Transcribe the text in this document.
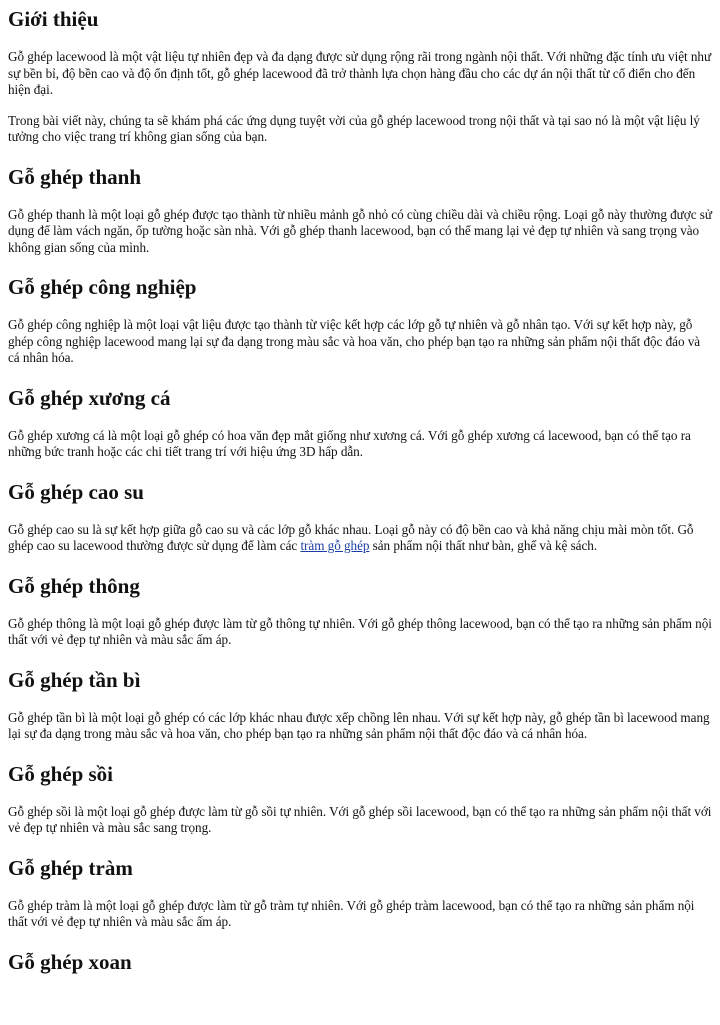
Giới thiệu

Gỗ ghép lacewood là một vật liệu tự nhiên đẹp và đa dạng được sử dụng rộng rãi trong ngành nội thất. Với những đặc tính ưu việt như sự bền bỉ, độ bền cao và độ ổn định tốt, gỗ ghép lacewood đã trở thành lựa chọn hàng đầu cho các dự án nội thất từ cổ điển cho đến hiện đại.

Trong bài viết này, chúng ta sẽ khám phá các ứng dụng tuyệt vời của gỗ ghép lacewood trong nội thất và tại sao nó là một vật liệu lý tưởng cho việc trang trí không gian sống của bạn.

Gỗ ghép thanh

Gỗ ghép thanh là một loại gỗ ghép được tạo thành từ nhiều mảnh gỗ nhỏ có cùng chiều dài và chiều rộng. Loại gỗ này thường được sử dụng để làm vách ngăn, ốp tường hoặc sàn nhà. Với gỗ ghép thanh lacewood, bạn có thể mang lại vẻ đẹp tự nhiên và sang trọng vào không gian sống của mình.

Gỗ ghép công nghiệp

Gỗ ghép công nghiệp là một loại vật liệu được tạo thành từ việc kết hợp các lớp gỗ tự nhiên và gỗ nhân tạo. Với sự kết hợp này, gỗ ghép công nghiệp lacewood mang lại sự đa dạng trong màu sắc và hoa văn, cho phép bạn tạo ra những sản phẩm nội thất độc đáo và cá nhân hóa.

Gỗ ghép xương cá

Gỗ ghép xương cá là một loại gỗ ghép có hoa văn đẹp mắt giống như xương cá. Với gỗ ghép xương cá lacewood, bạn có thể tạo ra những bức tranh hoặc các chi tiết trang trí với hiệu ứng 3D hấp dẫn.

Gỗ ghép cao su

Gỗ ghép cao su là sự kết hợp giữa gỗ cao su và các lớp gỗ khác nhau. Loại gỗ này có độ bền cao và khả năng chịu mài mòn tốt. Gỗ ghép cao su lacewood thường được sử dụng để làm các tràm gỗ ghép sản phẩm nội thất như bàn, ghế và kệ sách.

Gỗ ghép thông

Gỗ ghép thông là một loại gỗ ghép được làm từ gỗ thông tự nhiên. Với gỗ ghép thông lacewood, bạn có thể tạo ra những sản phẩm nội thất với vẻ đẹp tự nhiên và màu sắc ấm áp.

Gỗ ghép tần bì

Gỗ ghép tần bì là một loại gỗ ghép có các lớp khác nhau được xếp chồng lên nhau. Với sự kết hợp này, gỗ ghép tần bì lacewood mang lại sự đa dạng trong màu sắc và hoa văn, cho phép bạn tạo ra những sản phẩm nội thất độc đáo và cá nhân hóa.

Gỗ ghép sồi

Gỗ ghép sồi là một loại gỗ ghép được làm từ gỗ sồi tự nhiên. Với gỗ ghép sồi lacewood, bạn có thể tạo ra những sản phẩm nội thất với vẻ đẹp tự nhiên và màu sắc sang trọng.

Gỗ ghép tràm

Gỗ ghép tràm là một loại gỗ ghép được làm từ gỗ tràm tự nhiên. Với gỗ ghép tràm lacewood, bạn có thể tạo ra những sản phẩm nội thất với vẻ đẹp tự nhiên và màu sắc ấm áp.

Gỗ ghép xoan
